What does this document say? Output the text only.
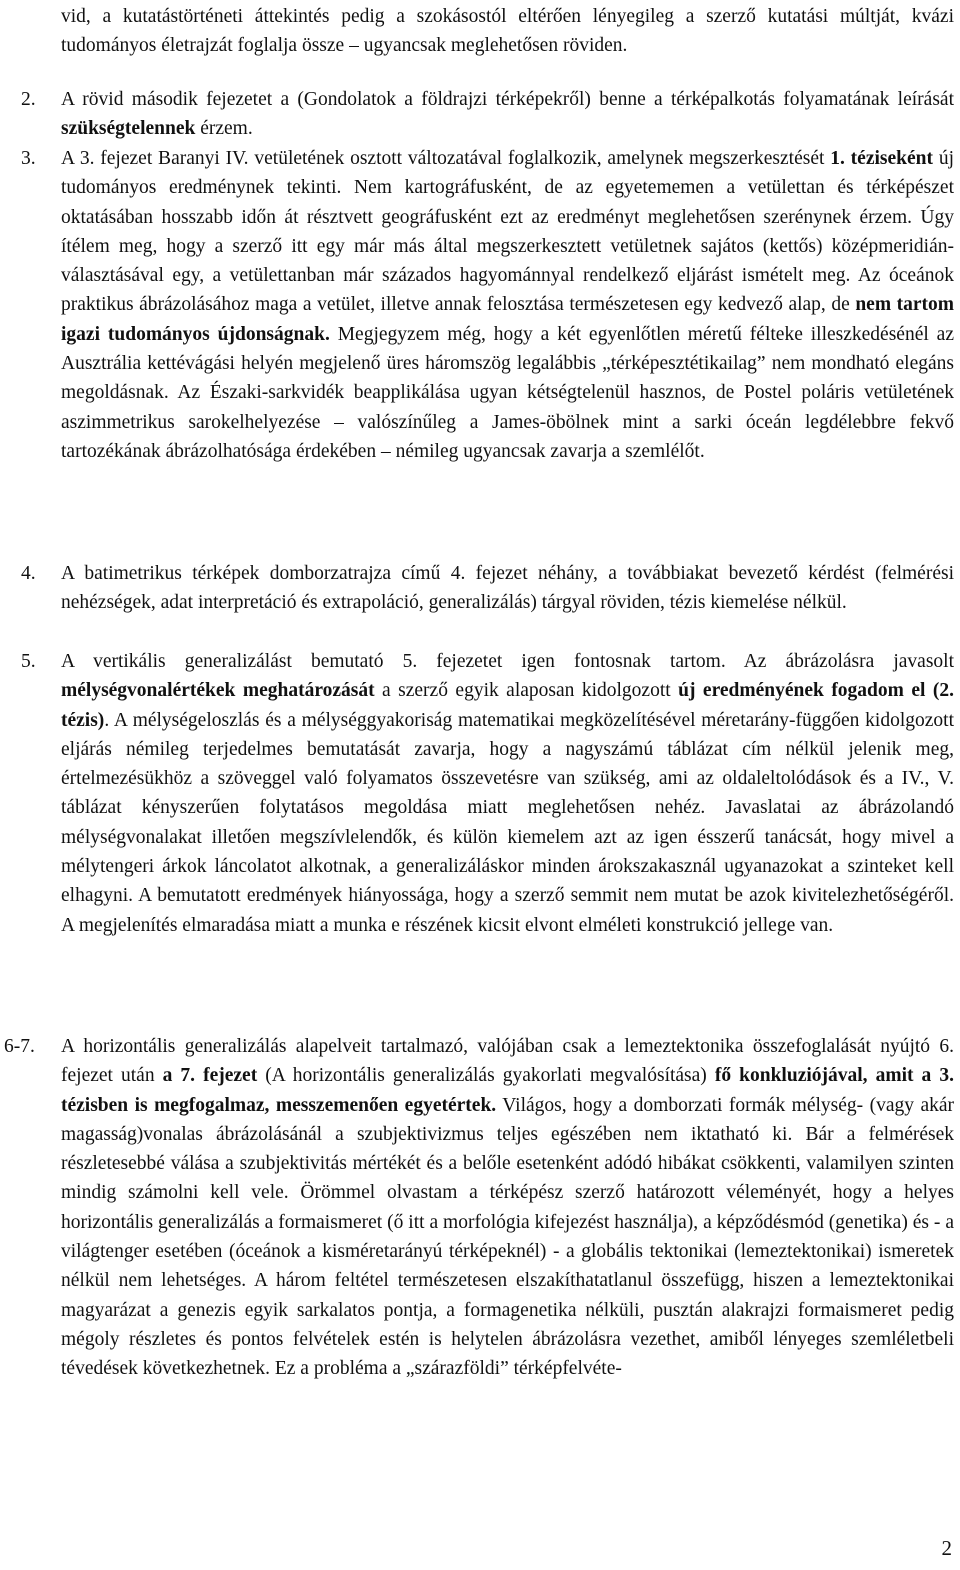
vid, a kutatástörténeti áttekintés pedig a szokásostól eltérően lényegileg a szerző kutatási múltját, kvázi tudományos életrajzát foglalja össze – ugyancsak meglehetősen röviden.
2. A rövid második fejezetet a (Gondolatok a földrajzi térképekről) benne a térképalkotás folyamatának leírását szükségtelennek érzem.
3. A 3. fejezet Baranyi IV. vetületének osztott változatával foglalkozik, amelynek megszerkesztését 1. téziseként új tudományos eredménynek tekinti. Nem kartográfusként, de az egyetememen a vetülettan és térképészet oktatásában hosszabb időn át résztvett geográfusként ezt az eredményt meglehetősen szerénynek érzem. Úgy ítélem meg, hogy a szerző itt egy már más által megszerkesztett vetületnek sajátos (kettős) középmeridián-választásával egy, a vetülettanban már százados hagyománnyal rendelkező eljárást ismételt meg. Az óceánok praktikus ábrázolásához maga a vetület, illetve annak felosztása természetesen egy kedvező alap, de nem tartom igazi tudományos újdonságnak. Megjegyzem még, hogy a két egyenlőtlen méretű félteke illeszkedésénél az Ausztrália kettévágási helyén megjelenő üres háromszög legalábbis „térképesztétikailag” nem mondható elegáns megoldásnak. Az Északi-sarkvidék beapplikálása ugyan kétségtelenül hasznos, de Postel poláris vetületének aszimmetrikus sarokelhelyezése – valószínűleg a James-öbölnek mint a sarki óceán legdélebbre fekvő tartozékának ábrázolhatósága érdekében – némileg ugyancsak zavarja a szemlélőt.
4. A batimetrikus térképek domborzatrajza című 4. fejezet néhány, a továbbiakat bevezető kérdést (felmérési nehézségek, adat interpretáció és extrapoláció, generalizálás) tárgyal röviden, tézis kiemelése nélkül.
5. A vertikális generalizálást bemutató 5. fejezetet igen fontosnak tartom. Az ábrázolásra javasolt mélységvonalértékek meghatározását a szerző egyik alaposan kidolgozott új eredményének fogadom el (2. tézis). A mélységeloszlás és a mélységgyakoriság matematikai megközelítésével méretarány-függően kidolgozott eljárás némileg terjedelmes bemutatását zavarja, hogy a nagyszámú táblázat cím nélkül jelenik meg, értelmezésükhöz a szöveggel való folyamatos összevetésre van szükség, ami az oldaleltolódások és a IV., V. táblázat kényszerűen folytatásos megoldása miatt meglehetősen nehéz. Javaslatai az ábrázolandó mélységvonalakat illetően megszívlelendők, és külön kiemelem azt az igen ésszerű tanácsát, hogy mivel a mélytengeri árkok láncolatot alkotnak, a generalizáláskor minden árokszakasznál ugyanazokat a szinteket kell elhagyni. A bemutatott eredmények hiányossága, hogy a szerző semmit nem mutat be azok kivitelezhetőségéről. A megjelenítés elmaradása miatt a munka e részének kicsit elvont elméleti konstrukció jellege van.
6-7. A horizontális generalizálás alapelveit tartalmazó, valójában csak a lemeztektonika összefoglalását nyújtó 6. fejezet után a 7. fejezet (A horizontális generalizálás gyakorlati megvalósítása) fő konkluziójával, amit a 3. tézisben is megfogalmaz, messzemenően egyetértek. Világos, hogy a domborzati formák mélység- (vagy akár magasság)vonalas ábrázolásánál a szubjektivizmus teljes egészében nem iktatható ki. Bár a felmérések részletesebbé válása a szubjektivitás mértékét és a belőle esetenként adódó hibákat csökkenti, valamilyen szinten mindig számolni kell vele. Örömmel olvastam a térképész szerző határozott véleményét, hogy a helyes horizontális generalizálás a formaismeret (ő itt a morfológia kifejezést használja), a képződésmód (genetika) és - a világtenger esetében (óceánok a kisméretarányú térképeknél) - a globális tektonikai (lemeztektonikai) ismeretek nélkül nem lehetséges. A három feltétel természetesen elszakíthatatlanul összefügg, hiszen a lemeztektonikai magyarázat a genezis egyik sarkalatos pontja, a formagenetika nélküli, pusztán alakrajzi formaismeret pedig mégoly részletes és pontos felvételek estén is helytelen ábrázolásra vezethet, amiből lényeges szemléletbeli tévedések következhetnek. Ez a probléma a „szárazföldi” térképfelvéte-
2
